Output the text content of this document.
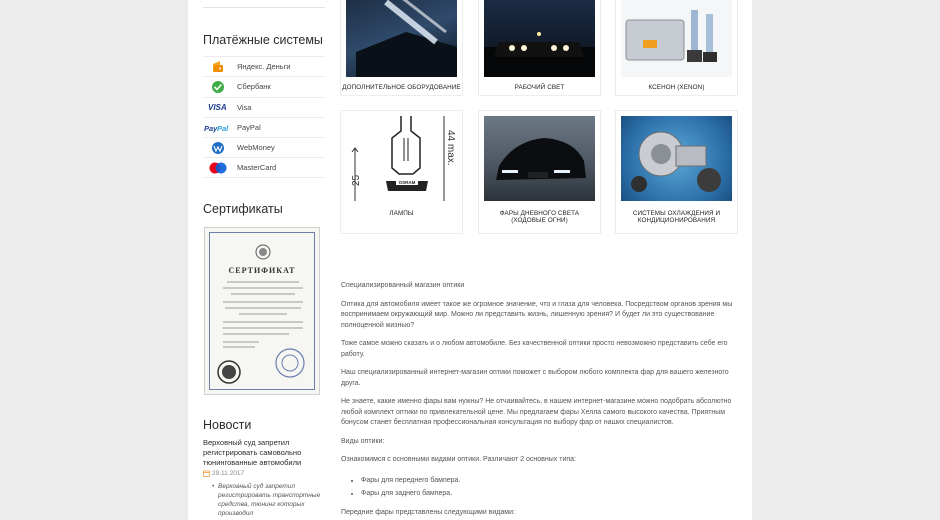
Платёжные системы
Яндекс. Деньги
Сбербанк
VISA Visa
Pay Pal PayPal
WebMoney
MasterCard
Сертификаты
СЕРТИФИКАТ
Новости
Верховный суд запретил регистрировать самовольно тюнингованные автомобили
29.11.2017
• Верховный суд запретил регистрировать транспортные средства, тюнинг которых производил
ДОПОЛНИТЕЛЬНОЕ ОБОРУДОВАНИЕ	РАБОЧИЙ СВЕТ	КСЕНОН (XENON)
25	OSRAM
44 max.
ЛАМПЫ	ФАРЫ ДНЕВНОГО СВЕТА (ХОДОВЫЕ ОГНИ)
СИСТЕМЫ ОХЛАЖДЕНИЯ И КОНДИЦИОНИРОВАНИЯ

Специализированный магазин оптики

Оптика для автомобиля имеет такое же огромное значение, что и глаза для человека. Посредством органов зрения мы воспринимаем окружающий мир. Можно ли представить жизнь, лишенную зрения? И будет ли это существование полноценной жизнью?

Тоже самое можно сказать и о любом автомобиле. Без качественной оптики просто невозможно представить себе его работу.

Наш специализированный интернет-магазин оптики поможет с выбором любого комплекта фар для вашего железного друга.

Не знаете, какие именно фары вам нужны? Не отчаивайтесь, в нашем интернет-магазине можно подобрать абсолютно любой комплект оптики по привлекательной цене. Мы предлагаем фары Хелла самого высокого качества. Приятным бонусом станет бесплатная профессиональная консультация по выбору фар от наших специалистов.

Виды оптики:

Ознакомимся с основными видами оптики. Различают 2 основных типа:

• Фары для переднего бампера.
• Фары для заднего бампера.

Передние фары представлены следующими видами:
